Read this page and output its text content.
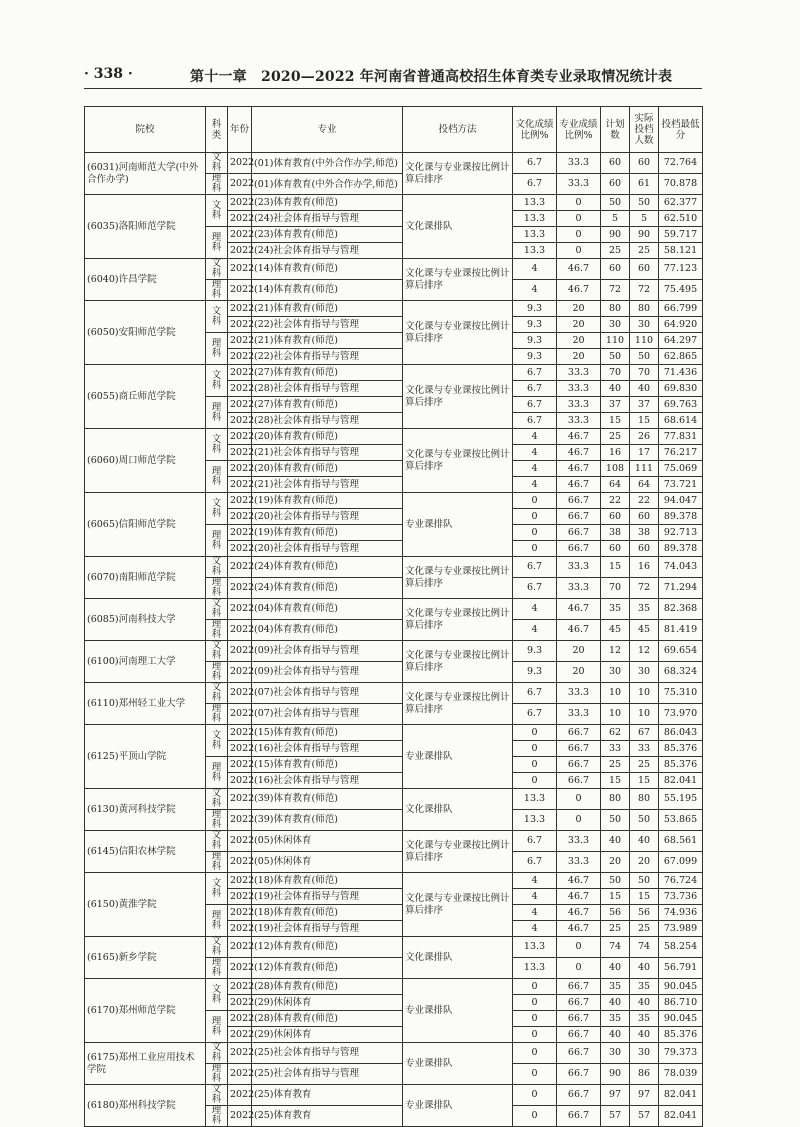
· 338 ·	第十一章　2020—2022 年河南省普通高校招生体育类专业录取情况统计表
院校	科类	年份	专业	投档方法	文化成绩比例%	专业成绩比例%	计划数	实际投档人数	投档最低分
(6031)河南师范大学(中外合作办学)	文科	2022	(01)体育教育(中外合作办学,师范)	文化课与专业课按比例计算后排序	6.7	33.3	60	60	72.764
	理科	2022	(01)体育教育(中外合作办学,师范)		6.7	33.3	60	61	70.878
(6035)洛阳师范学院	文科	2022	(23)体育教育(师范)	文化课排队	13.3	0	50	50	62.377
		2022	(24)社会体育指导与管理		13.3	0	5	5	62.510
	理科	2022	(23)体育教育(师范)		13.3	0	90	90	59.717
		2022	(24)社会体育指导与管理		13.3	0	25	25	58.121
(6040)许昌学院	文科	2022	(14)体育教育(师范)	文化课与专业课按比例计算后排序	4	46.7	60	60	77.123
	理科	2022	(14)体育教育(师范)		4	46.7	72	72	75.495
(6050)安阳师范学院	文科	2022	(21)体育教育(师范)	文化课与专业课按比例计算后排序	9.3	20	80	80	66.799
		2022	(22)社会体育指导与管理		9.3	20	30	30	64.920
	理科	2022	(21)体育教育(师范)		9.3	20	110	110	64.297
		2022	(22)社会体育指导与管理		9.3	20	50	50	62.865
(6055)商丘师范学院	文科	2022	(27)体育教育(师范)	文化课与专业课按比例计算后排序	6.7	33.3	70	70	71.436
		2022	(28)社会体育指导与管理		6.7	33.3	40	40	69.830
	理科	2022	(27)体育教育(师范)		6.7	33.3	37	37	69.763
		2022	(28)社会体育指导与管理		6.7	33.3	15	15	68.614
(6060)周口师范学院	文科	2022	(20)体育教育(师范)	文化课与专业课按比例计算后排序	4	46.7	25	26	77.831
		2022	(21)社会体育指导与管理		4	46.7	16	17	76.217
	理科	2022	(20)体育教育(师范)		4	46.7	108	111	75.069
		2022	(21)社会体育指导与管理		4	46.7	64	64	73.721
(6065)信阳师范学院	文科	2022	(19)体育教育(师范)	专业课排队	0	66.7	22	22	94.047
		2022	(20)社会体育指导与管理		0	66.7	60	60	89.378
	理科	2022	(19)体育教育(师范)		0	66.7	38	38	92.713
		2022	(20)社会体育指导与管理		0	66.7	60	60	89.378
(6070)南阳师范学院	文科	2022	(24)体育教育(师范)	文化课与专业课按比例计算后排序	6.7	33.3	15	16	74.043
	理科	2022	(24)体育教育(师范)		6.7	33.3	70	72	71.294
(6085)河南科技大学	文科	2022	(04)体育教育(师范)	文化课与专业课按比例计算后排序	4	46.7	35	35	82.368
	理科	2022	(04)体育教育(师范)		4	46.7	45	45	81.419
(6100)河南理工大学	文科	2022	(09)社会体育指导与管理	文化课与专业课按比例计算后排序	9.3	20	12	12	69.654
	理科	2022	(09)社会体育指导与管理		9.3	20	30	30	68.324
(6110)郑州轻工业大学	文科	2022	(07)社会体育指导与管理	文化课与专业课按比例计算后排序	6.7	33.3	10	10	75.310
	理科	2022	(07)社会体育指导与管理		6.7	33.3	10	10	73.970
(6125)平顶山学院	文科	2022	(15)体育教育(师范)	专业课排队	0	66.7	62	67	86.043
		2022	(16)社会体育指导与管理		0	66.7	33	33	85.376
	理科	2022	(15)体育教育(师范)		0	66.7	25	25	85.376
		2022	(16)社会体育指导与管理		0	66.7	15	15	82.041
(6130)黄河科技学院	文科	2022	(39)体育教育(师范)	文化课排队	13.3	0	80	80	55.195
	理科	2022	(39)体育教育(师范)		13.3	0	50	50	53.865
(6145)信阳农林学院	文科	2022	(05)休闲体育	文化课与专业课按比例计算后排序	6.7	33.3	40	40	68.561
	理科	2022	(05)休闲体育		6.7	33.3	20	20	67.099
(6150)黄淮学院	文科	2022	(18)体育教育(师范)	文化课与专业课按比例计算后排序	4	46.7	50	50	76.724
		2022	(19)社会体育指导与管理		4	46.7	15	15	73.736
	理科	2022	(18)体育教育(师范)		4	46.7	56	56	74.936
		2022	(19)社会体育指导与管理		4	46.7	25	25	73.989
(6165)新乡学院	文科	2022	(12)体育教育(师范)	文化课排队	13.3	0	74	74	58.254
	理科	2022	(12)体育教育(师范)		13.3	0	40	40	56.791
(6170)郑州师范学院	文科	2022	(28)体育教育(师范)	专业课排队	0	66.7	35	35	90.045
		2022	(29)休闲体育		0	66.7	40	40	86.710
	理科	2022	(28)体育教育(师范)		0	66.7	35	35	90.045
		2022	(29)休闲体育		0	66.7	40	40	85.376
(6175)郑州工业应用技术学院	文科	2022	(25)社会体育指导与管理	专业课排队	0	66.7	30	30	79.373
	理科	2022	(25)社会体育指导与管理		0	66.7	90	86	78.039
(6180)郑州科技学院	文科	2022	(25)体育教育	专业课排队	0	66.7	97	97	82.041
	理科	2022	(25)体育教育		0	66.7	57	57	82.041
